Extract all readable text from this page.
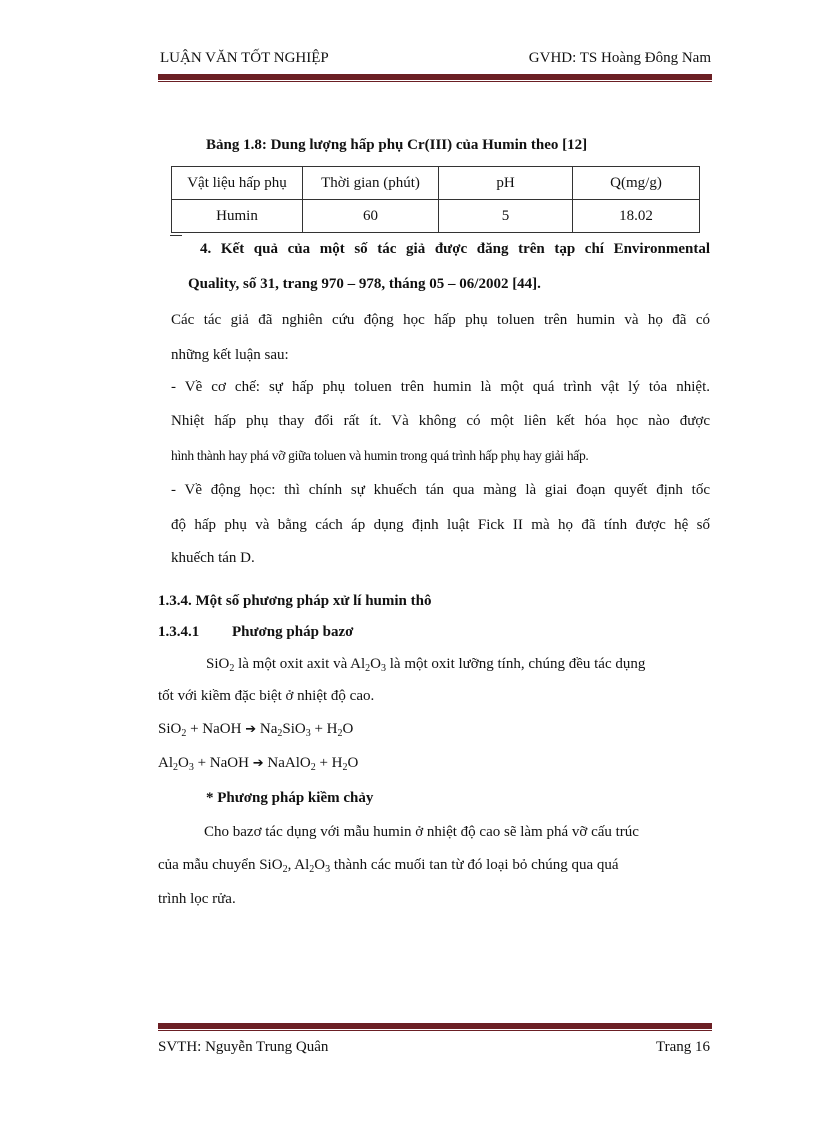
LUẬN VĂN TỐT NGHIỆP	GVHD: TS Hoàng Đông Nam
Bảng 1.8: Dung lượng hấp phụ Cr(III) của Humin theo [12]
Vật liệu hấp phụ	Thời gian (phút)	pH	Q(mg/g)
Humin	60	5	18.02
4. Kết quả của một số tác giả được đăng trên tạp chí Environmental
Quality, số 31, trang 970 – 978, tháng 05 – 06/2002 [44].
Các tác giả đã nghiên cứu động học hấp phụ toluen trên humin và họ đã có
những kết luận sau:
- Về cơ chế: sự hấp phụ toluen trên humin là một quá trình vật lý tỏa nhiệt.
Nhiệt hấp phụ thay đổi rất ít. Và không có một liên kết hóa học nào được
hình thành hay phá vỡ giữa toluen và humin trong quá trình hấp phụ hay giải hấp.
- Về động học: thì chính sự khuếch tán qua màng là giai đoạn quyết định tốc
độ hấp phụ và bằng cách áp dụng định luật Fick II mà họ đã tính được hệ số
khuếch tán D.
1.3.4. Một số phương pháp xử lí humin thô
1.3.4.1 Phương pháp bazơ
SiO$_2$ là một oxit axit và $Al_2O_3$ là một oxit lưỡng tính, chúng đều tác dụng
tốt với kiềm đặc biệt ở nhiệt độ cao.
SiO$_2$ + NaOH ➔ $Na_2SiO_3 + H_2O$
$Al_2O_3$ + NaOH ➔ NaAlO$_2$ + $H_2O$
* Phương pháp kiềm chảy
Cho bazơ tác dụng với mẫu humin ở nhiệt độ cao sẽ làm phá vỡ cấu trúc
của mẫu chuyển SiO$_2$, $Al_2O_3$ thành các muối tan từ đó loại bỏ chúng qua quá
trình lọc rửa.
SVTH: Nguyễn Trung Quân	Trang 16
